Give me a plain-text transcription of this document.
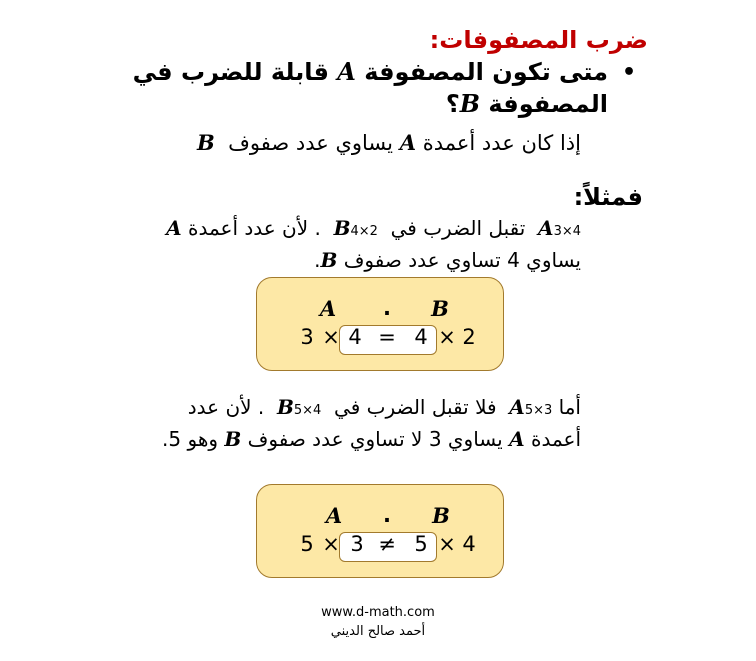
ضرب المصفوفات:
•
متى تكون المصفوفة A قابلة للضرب في
المصفوفة B؟
إذا كان عدد أعمدة A يساوي عدد صفوف  B
فمثلاً:
A3×4  تقبل الضرب في  B4×2  . لأن عدد أعمدة A
يساوي 4 تساوي عدد صفوف B.
A	.	B
3 × 4 = 4 × 2
أما A5×3  فلا تقبل الضرب في  B5×4  . لأن عدد
أعمدة A يساوي 3 لا تساوي عدد صفوف B وهو 5.
A	.	B
5 × 3 ≠ 5 × 4
www.d-math.com
أحمد صالح الديني
